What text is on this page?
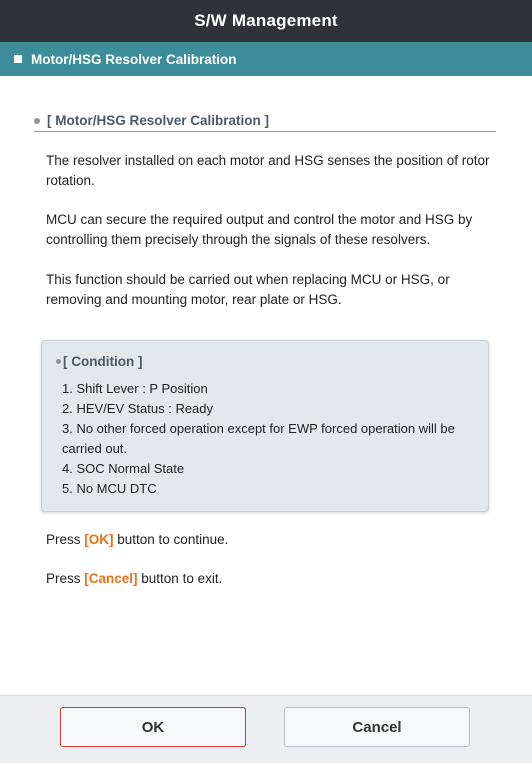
S/W Management
Motor/HSG Resolver Calibration
[ Motor/HSG Resolver Calibration ]
The resolver installed on each motor and HSG senses the position of rotor rotation.
MCU can secure the required output and control the motor and HSG by controlling them precisely through the signals of these resolvers.
This function should be carried out when replacing MCU or HSG, or removing and mounting motor, rear plate or HSG.
[ Condition ]
1. Shift Lever : P Position
2. HEV/EV Status : Ready
3. No other forced operation except for EWP forced operation will be carried out.
4. SOC Normal State
5. No MCU DTC
Press [OK] button to continue.
Press [Cancel] button to exit.
OK	Cancel
